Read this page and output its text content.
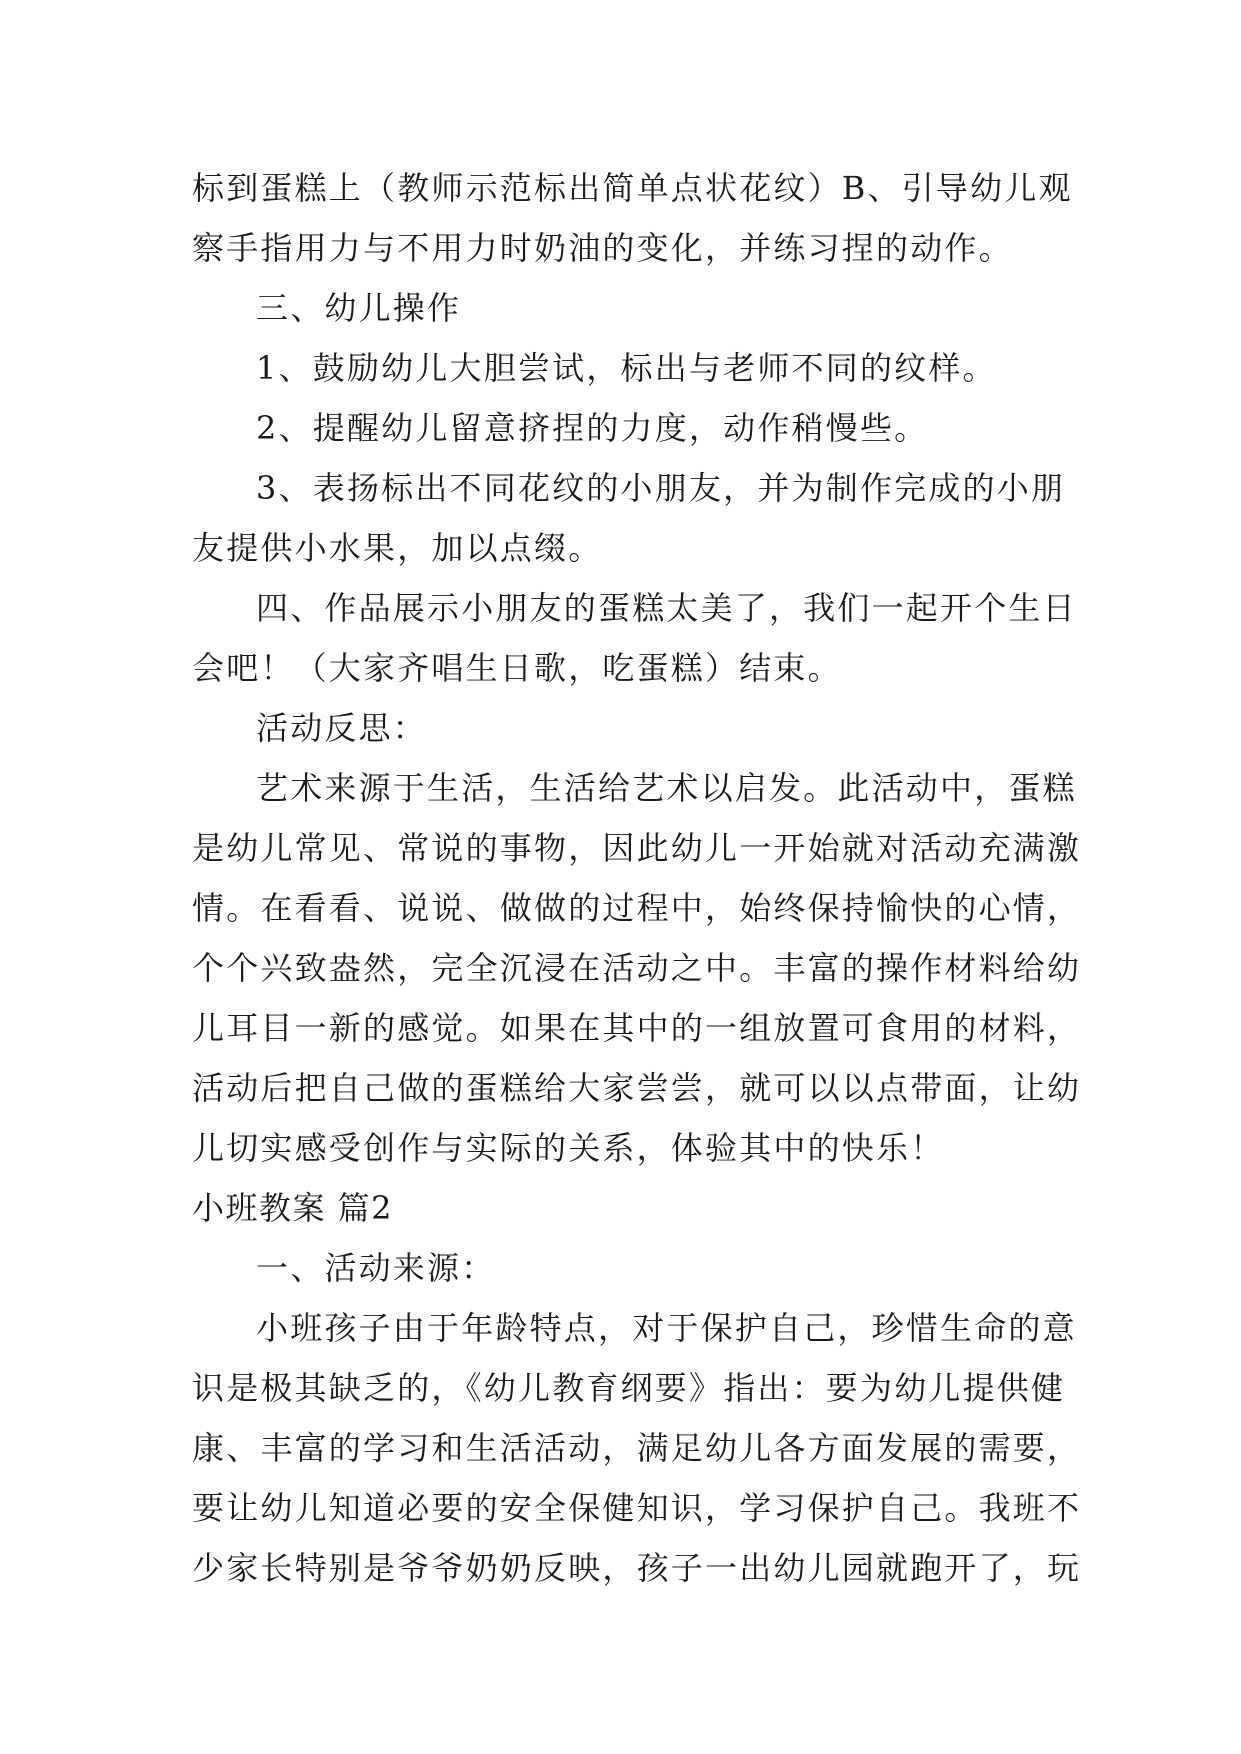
标到蛋糕上（教师示范标出简单点状花纹）B、引导幼儿观
察手指用力与不用力时奶油的变化，并练习捏的动作。
三、幼儿操作
1、鼓励幼儿大胆尝试，标出与老师不同的纹样。
2、提醒幼儿留意挤捏的力度，动作稍慢些。
3、表扬标出不同花纹的小朋友，并为制作完成的小朋
友提供小水果，加以点缀。
四、作品展示小朋友的蛋糕太美了，我们一起开个生日
会吧！（大家齐唱生日歌，吃蛋糕）结束。
活动反思：
艺术来源于生活，生活给艺术以启发。此活动中，蛋糕
是幼儿常见、常说的事物，因此幼儿一开始就对活动充满激
情。在看看、说说、做做的过程中，始终保持愉快的心情，
个个兴致盎然，完全沉浸在活动之中。丰富的操作材料给幼
儿耳目一新的感觉。如果在其中的一组放置可食用的材料，
活动后把自己做的蛋糕给大家尝尝，就可以以点带面，让幼
儿切实感受创作与实际的关系，体验其中的快乐！
小班教案 篇2
一、活动来源：
小班孩子由于年龄特点，对于保护自己，珍惜生命的意
识是极其缺乏的，《幼儿教育纲要》指出：要为幼儿提供健
康、丰富的学习和生活活动，满足幼儿各方面发展的需要，
要让幼儿知道必要的安全保健知识，学习保护自己。我班不
少家长特别是爷爷奶奶反映，孩子一出幼儿园就跑开了，玩
